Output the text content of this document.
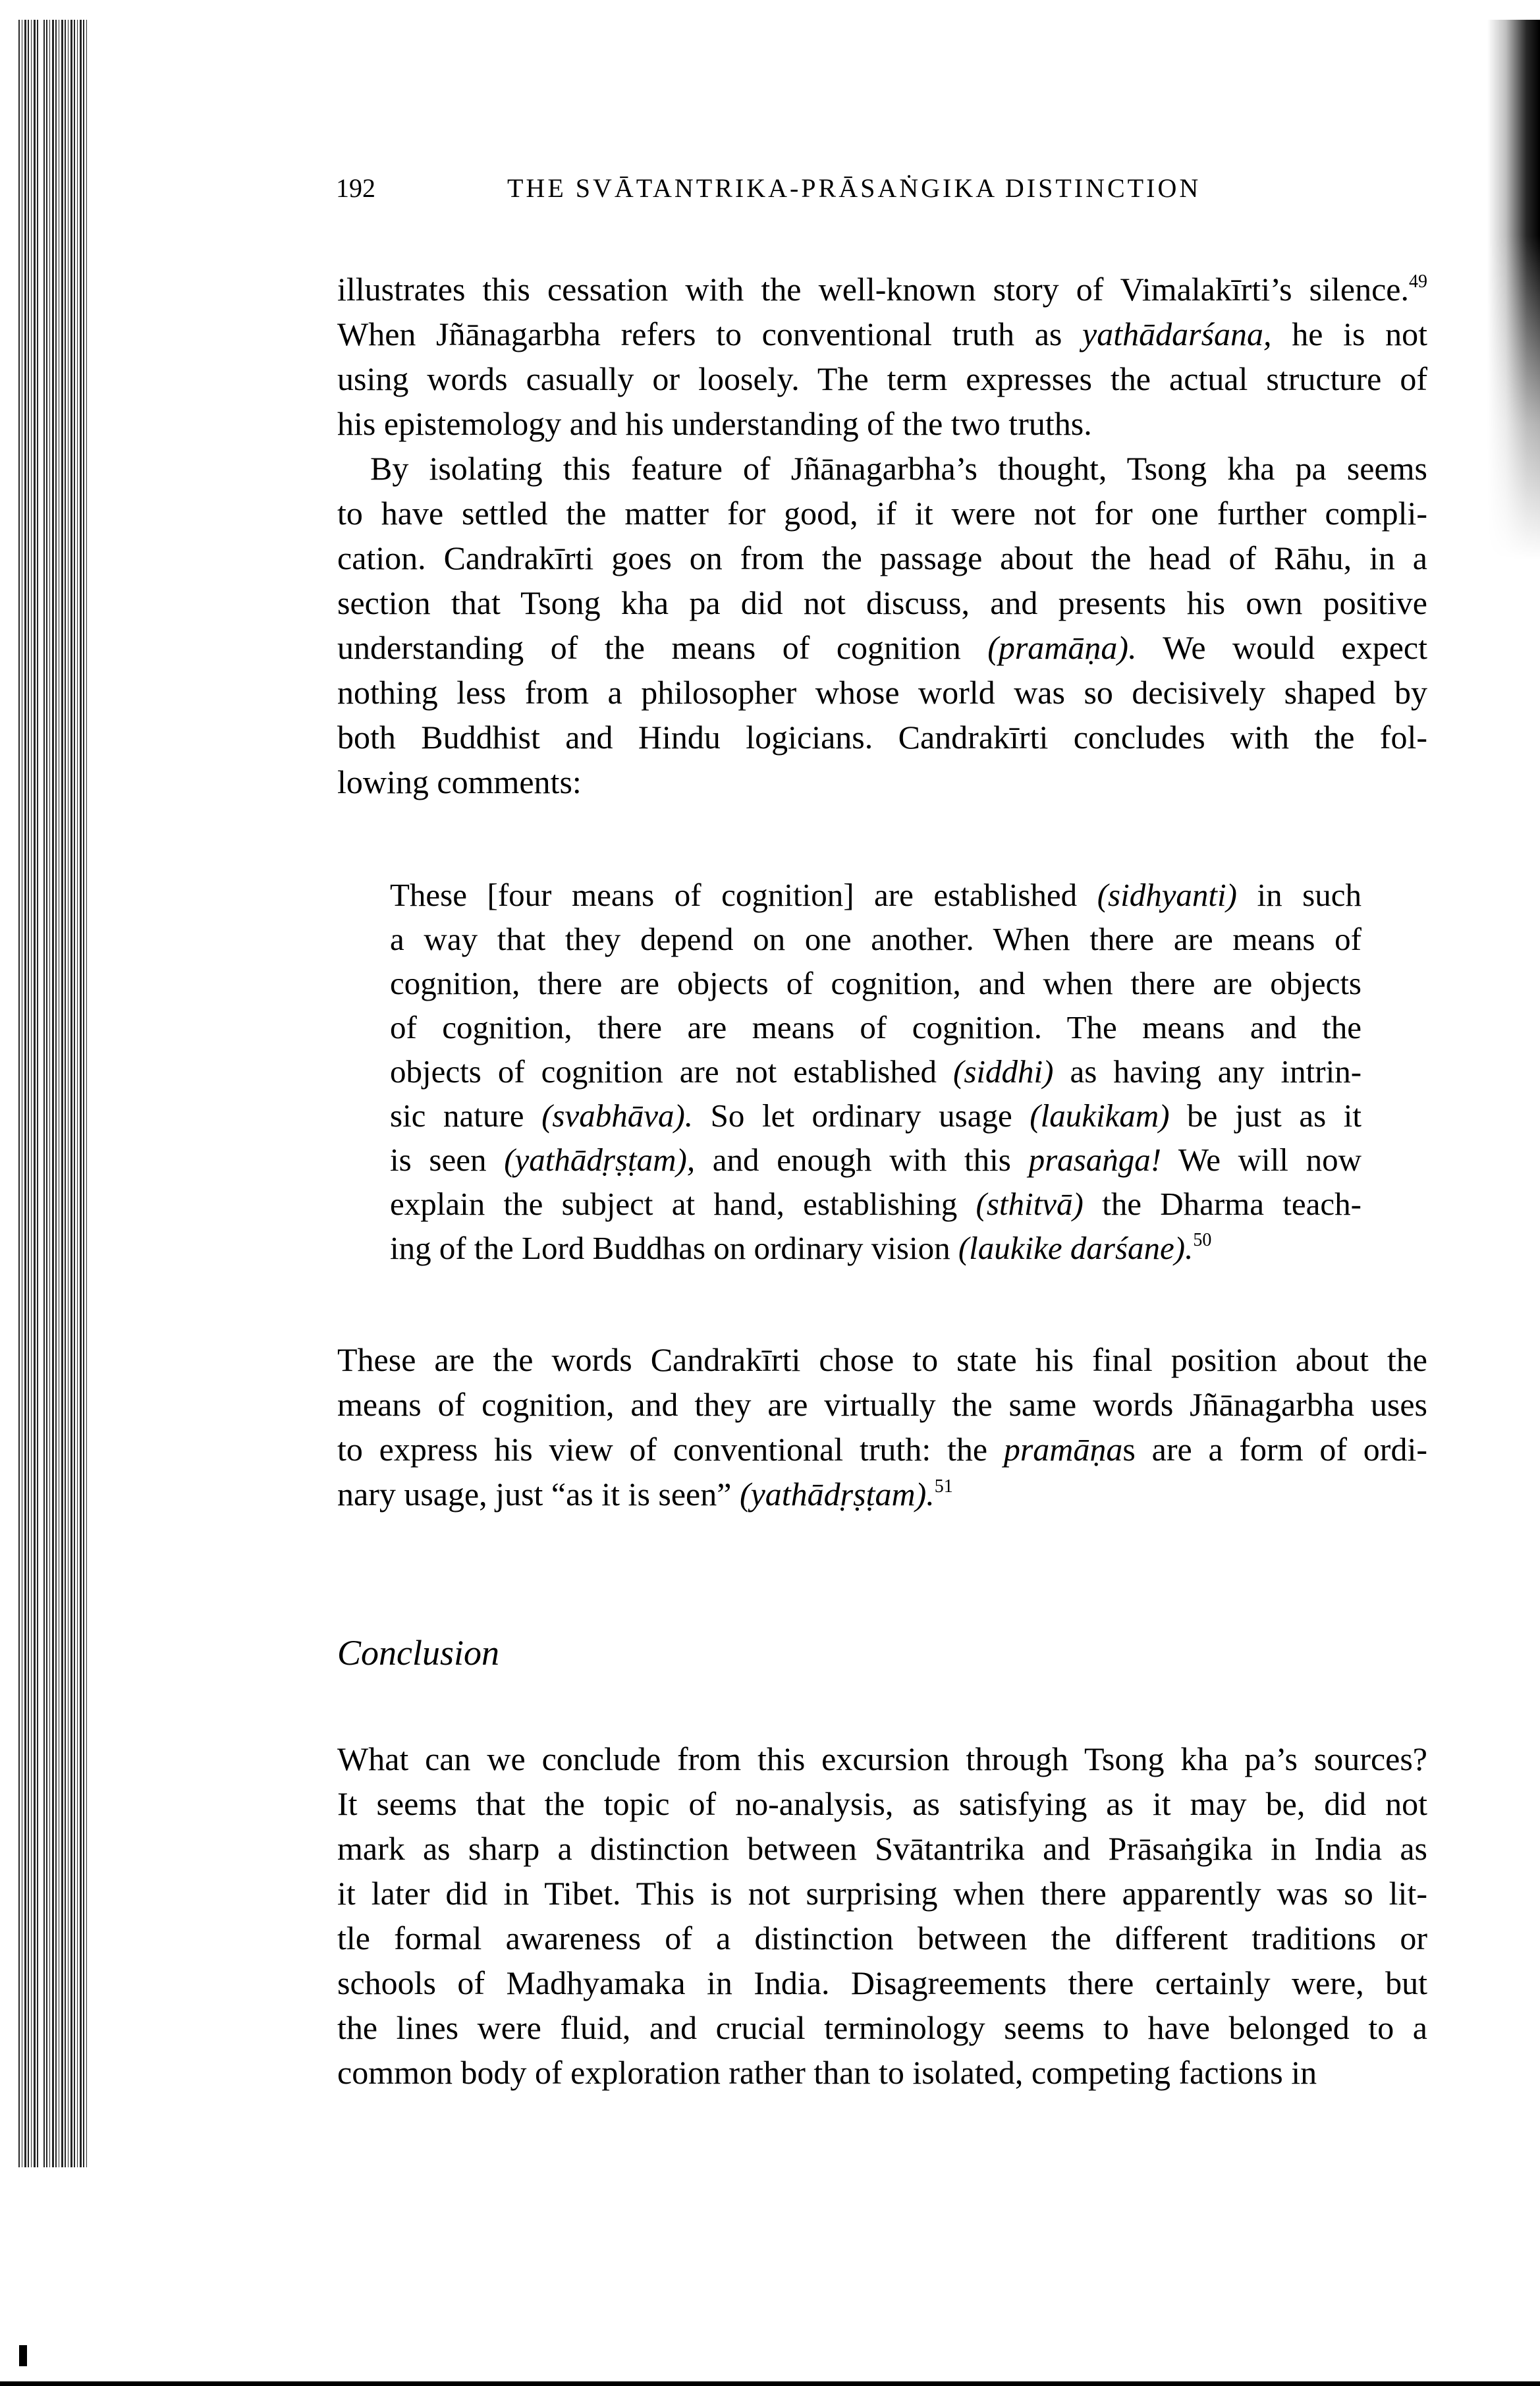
192	THE SVĀTANTRIKA-PRĀSAṄGIKA DISTINCTION
illustrates this cessation with the well-known story of Vimalakīrti’s silence.$^{49}$
When Jñānagarbha refers to conventional truth as yathādarśana, he is not
using words casually or loosely. The term expresses the actual structure of
his epistemology and his understanding of the two truths.
By isolating this feature of Jñānagarbha’s thought, Tsong kha pa seems
to have settled the matter for good, if it were not for one further compli-
cation. Candrakīrti goes on from the passage about the head of Rāhu, in a
section that Tsong kha pa did not discuss, and presents his own positive
understanding of the means of cognition (pramāṇa). We would expect
nothing less from a philosopher whose world was so decisively shaped by
both Buddhist and Hindu logicians. Candrakīrti concludes with the fol-
lowing comments:
These [four means of cognition] are established (sidhyanti) in such
a way that they depend on one another. When there are means of
cognition, there are objects of cognition, and when there are objects
of cognition, there are means of cognition. The means and the
objects of cognition are not established (siddhi) as having any intrin-
sic nature (svabhāva). So let ordinary usage (laukikam) be just as it
is seen (yathādṛṣṭam), and enough with this prasaṅga! We will now
explain the subject at hand, establishing (sthitvā) the Dharma teach-
ing of the Lord Buddhas on ordinary vision (laukike darśane).$^{50}$
These are the words Candrakīrti chose to state his final position about the
means of cognition, and they are virtually the same words Jñānagarbha uses
to express his view of conventional truth: the pramāṇas are a form of ordi-
nary usage, just “as it is seen” (yathādṛṣṭam).$^{51}$
Conclusion
What can we conclude from this excursion through Tsong kha pa’s sources?
It seems that the topic of no-analysis, as satisfying as it may be, did not
mark as sharp a distinction between Svātantrika and Prāsaṅgika in India as
it later did in Tibet. This is not surprising when there apparently was so lit-
tle formal awareness of a distinction between the different traditions or
schools of Madhyamaka in India. Disagreements there certainly were, but
the lines were fluid, and crucial terminology seems to have belonged to a
common body of exploration rather than to isolated, competing factions in
